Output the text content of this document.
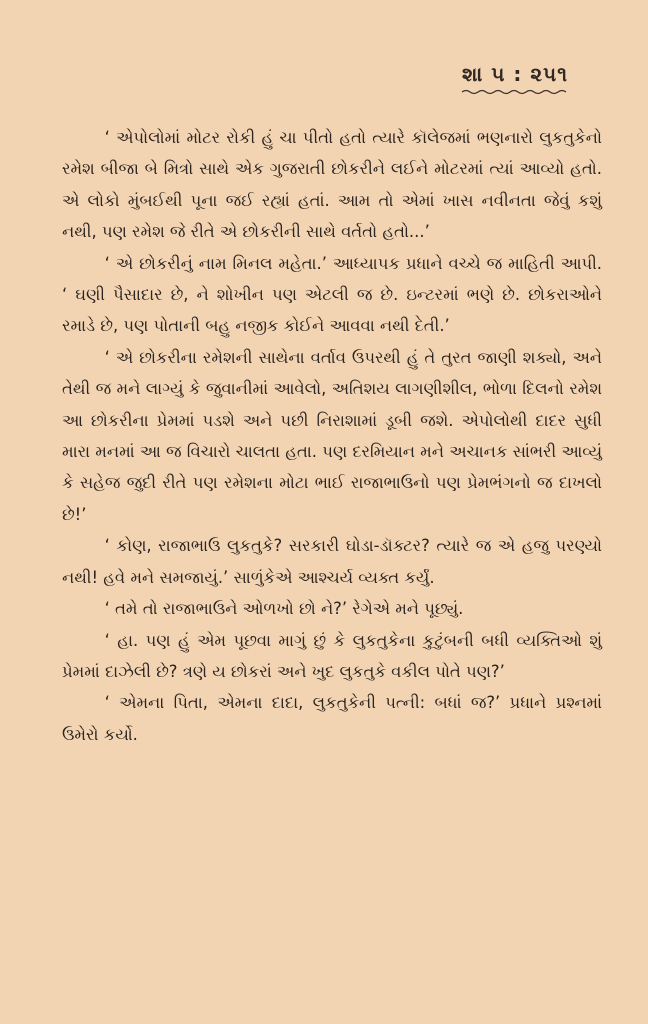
શા ૫ : ૨૫૧

‘ એપોલોમાં મોટર રોકી હું ચા પીતો હતો ત્યારે કૉલેજમાં ભણનારો લુકતુકેનો રમેશ બીજા બે મિત્રો સાથે એક ગુજરાતી છોકરીને લઈને મોટરમાં ત્યાં આવ્યો હતો. એ લોકો મુંબઈથી પૂના જઈ રહ્યાં હતાં. આમ તો એમાં ખાસ નવીનતા જેવું કશું નથી, પણ રમેશ જે રીતે એ છોકરીની સાથે વર્તતો હતો...’

‘ એ છોકરીનું નામ મિનલ મહેતા.’ આધ્યાપક પ્રધાને વચ્ચે જ માહિતી આપી. ‘ ઘણી પૈસાદાર છે, ને શોખીન પણ એટલી જ છે. ઇન્ટરમાં ભણે છે. છોકરાઓને રમાડે છે, પણ પોતાની બહુ નજીક કોઈને આવવા નથી દેતી.’

‘ એ છોકરીના રમેશની સાથેના વર્તાવ ઉપરથી હું તે તુરત જાણી શક્યો, અને તેથી જ મને લાગ્યું કે જુવાનીમાં આવેલો, અતિશય લાગણીશીલ, ભોળા દિલનો રમેશ આ છોકરીના પ્રેમમાં પડશે અને પછી નિરાશામાં ડૂબી જશે. એપોલોથી દાદર સુધી મારા મનમાં આ જ વિચારો ચાલતા હતા. પણ દરમિયાન મને અચાનક સાંભરી આવ્યું કે સહેજ જુદી રીતે પણ રમેશના મોટા ભાઈ રાજાભાઉનો પણ પ્રેમભંગનો જ દાખલો છે!’

‘ કોણ, રાજાભાઉ લુકતુકે? સરકારી ઘોડા-ડૉક્ટર? ત્યારે જ એ હજુ પરણ્યો નથી! હવે મને સમજાયું.’ સાળુંકેએ આશ્ચર્ય વ્યક્ત કર્યું.

‘ તમે તો રાજાભાઉને ઓળખો છો ને?’ રેગેએ મને પૂછ્યું.

‘ હા. પણ હું એમ પૂછવા માગું છું કે લુકતુકેના કુટુંબની બધી વ્યક્તિઓ શું પ્રેમમાં દાઝેલી છે? ત્રણે ય છોકરાં અને ખુદ લુકતુકે વકીલ પોતે પણ?’

‘ એમના પિતા, એમના દાદા, લુકતુકેની પત્ની: બધાં જ?’ પ્રધાને પ્રશ્નમાં ઉમેરો કર્યો.
